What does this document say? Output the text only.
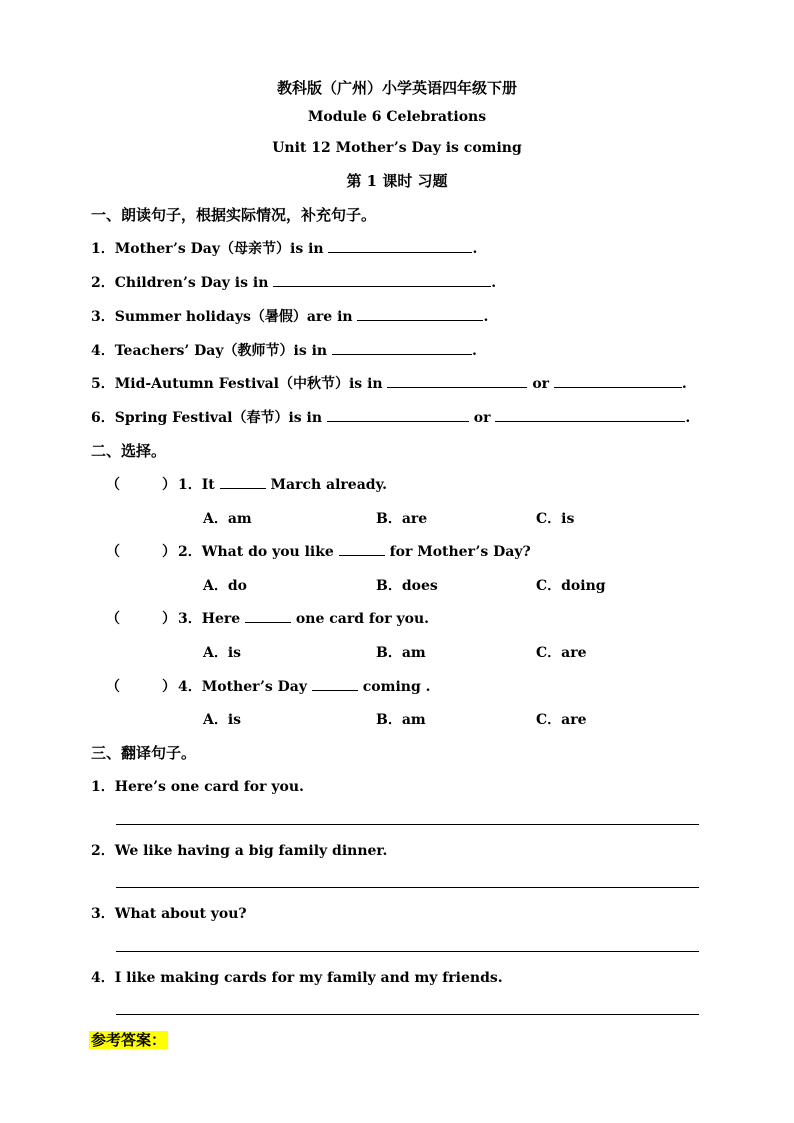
教科版（广州）小学英语四年级下册
Module 6 Celebrations
Unit 12 Mother’s Day is coming
第 1 课时 习题
一、朗读句子，根据实际情况，补充句子。
1．Mother’s Day（母亲节）is in	.
2．Children’s Day is in	.
3．Summer holidays（暑假）are in	.
4．Teachers’ Day（教师节）is in	.
5．Mid-Autumn Festival（中秋节）is in	or	.
6．Spring Festival（春节）is in	or	.
二、选择。
（	） 1．It	March already.
A．am	B．are	C．is
（	） 2．What do you like	for Mother’s Day?
A．do	B．does	C．doing
（	） 3．Here	one card for you.
A．is	B．am	C．are
（	） 4．Mother’s Day	coming .
A．is	B．am	C．are
三、翻译句子。
1．Here’s one card for you.
2．We like having a big family dinner.
3．What about you?
4．I like making cards for my family and my friends.
参考答案：
